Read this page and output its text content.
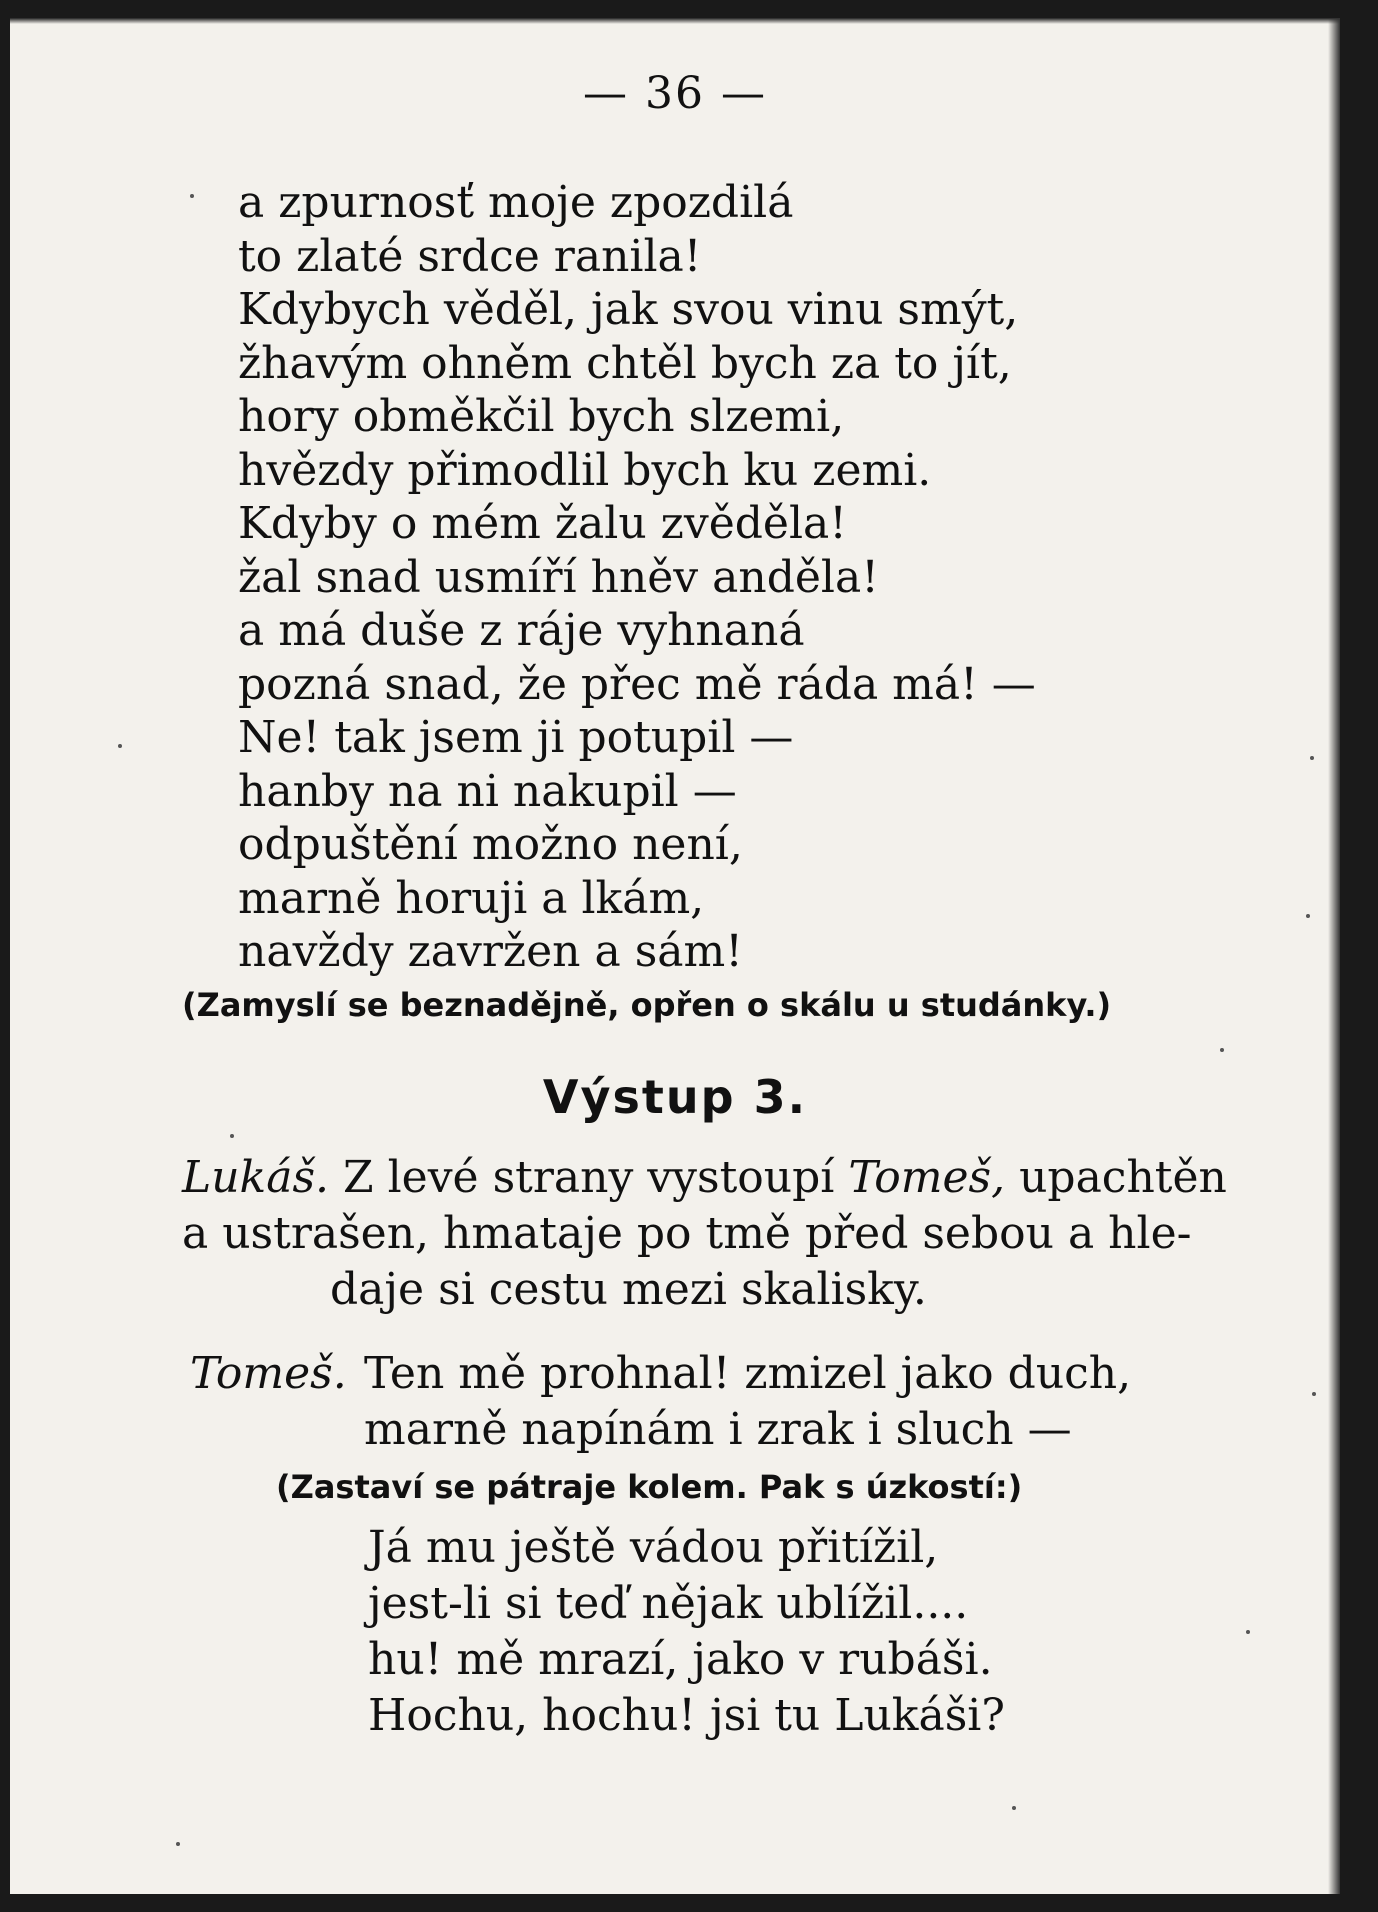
— 36 —
a zpurnosť moje zpozdilá
to zlaté srdce ranila!
Kdybych věděl, jak svou vinu smýt,
žhavým ohněm chtěl bych za to jít,
hory obměkčil bych slzemi,
hvězdy přimodlil bych ku zemi.
Kdyby o mém žalu zvěděla!
žal snad usmíří hněv anděla!
a má duše z ráje vyhnaná
pozná snad, že přec mě ráda má! —
Ne! tak jsem ji potupil —
hanby na ni nakupil —
odpuštění možno není,
marně horuji a lkám,
navždy zavržen a sám!
(Zamyslí se beznadějně, opřen o skálu u studánky.)
Výstup 3.
Lukáš. Z levé strany vystoupí Tomeš, upachtěn
a ustrašen, hmataje po tmě před sebou a hle-
daje si cestu mezi skalisky.
Tomeš. Ten mě prohnal! zmizel jako duch,
marně napínám i zrak i sluch —
(Zastaví se pátraje kolem. Pak s úzkostí:)
Já mu ještě vádou přitížil,
jest-li si teď nějak ublížil....
hu! mě mrazí, jako v rubáši.
Hochu, hochu! jsi tu Lukáši?
